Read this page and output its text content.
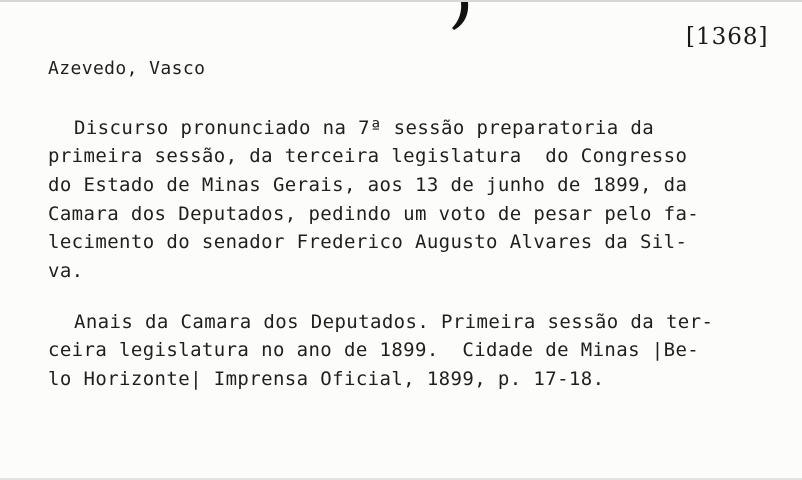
[1368]
Azevedo, Vasco
Discurso pronunciado na 7ª sessão preparatoria da
primeira sessão, da terceira legislatura  do Congresso
do Estado de Minas Gerais, aos 13 de junho de 1899, da
Camara dos Deputados, pedindo um voto de pesar pelo fa-
lecimento do senador Frederico Augusto Alvares da Sil-
va.
Anais da Camara dos Deputados. Primeira sessão da ter-
ceira legislatura no ano de 1899.  Cidade de Minas |Be-
lo Horizonte| Imprensa Oficial, 1899, p. 17-18.
